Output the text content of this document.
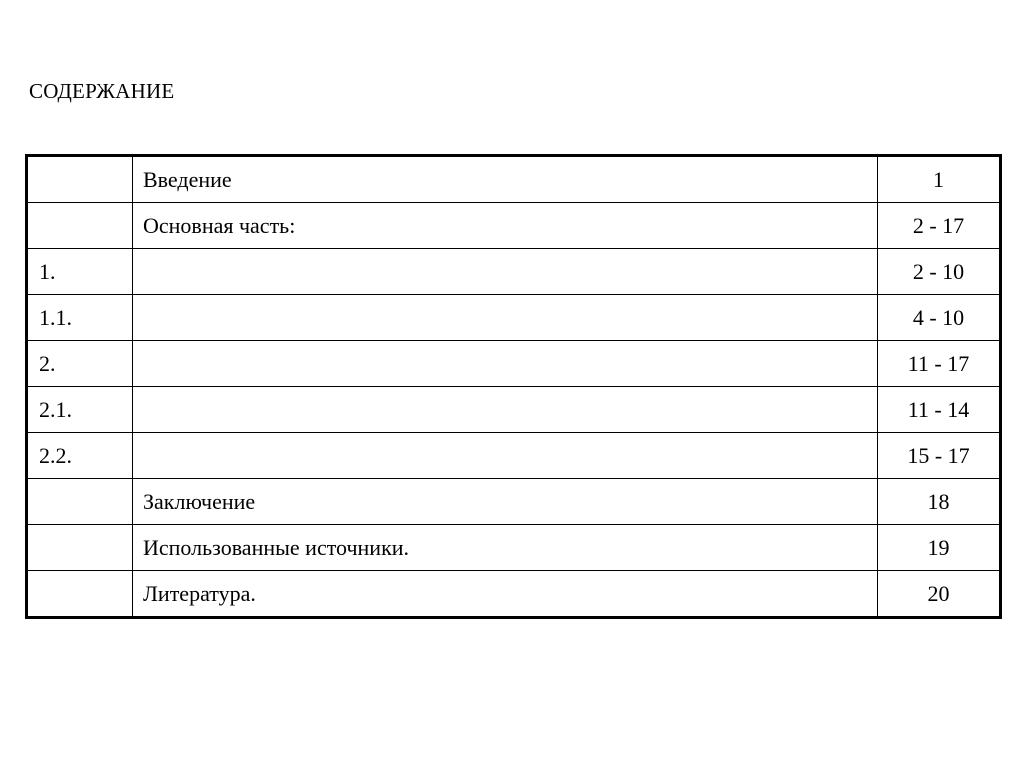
СОДЕРЖАНИЕ
	Введение	1
	Основная часть:	2 - 17
1.		2 - 10
1.1.		4 - 10
2.		11 - 17
2.1.		11 - 14
2.2.		15 - 17
	Заключение	18
	Использованные источники.	19
	Литература.	20
